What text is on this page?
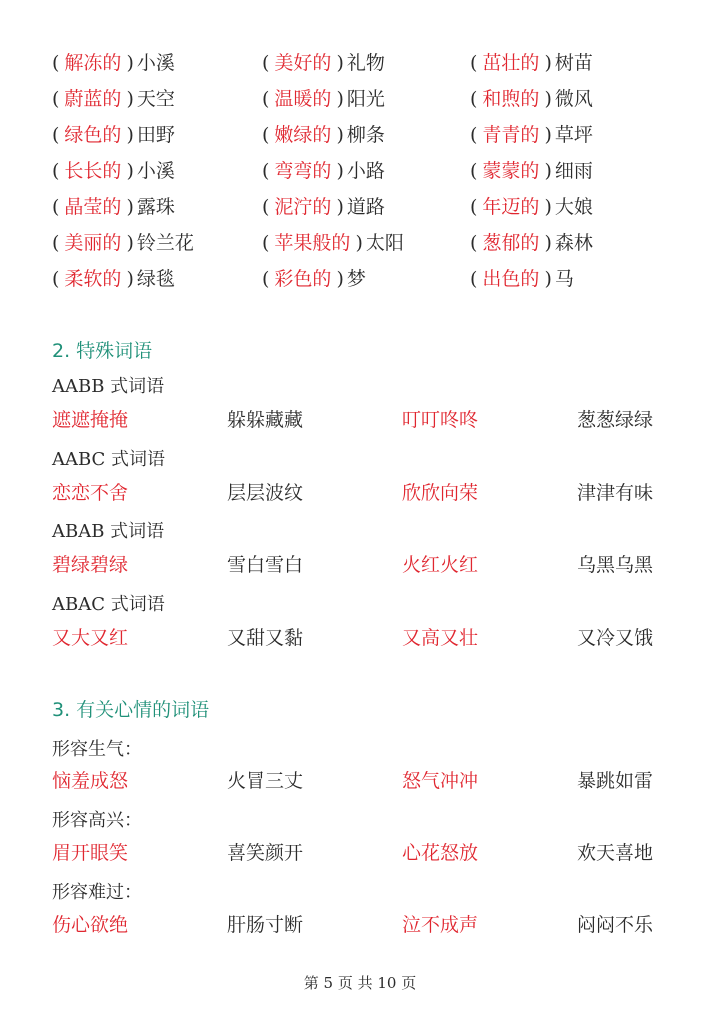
( 解冻的 ) 小溪	( 美好的 ) 礼物	( 茁壮的 ) 树苗
( 蔚蓝的 ) 天空	( 温暖的 ) 阳光	( 和煦的 ) 微风
( 绿色的 ) 田野	( 嫩绿的 ) 柳条	( 青青的 ) 草坪
( 长长的 ) 小溪	( 弯弯的 ) 小路	( 蒙蒙的 ) 细雨
( 晶莹的 ) 露珠	( 泥泞的 ) 道路	( 年迈的 ) 大娘
( 美丽的 ) 铃兰花	( 苹果般的 ) 太阳	( 葱郁的 ) 森林
( 柔软的 ) 绿毯	( 彩色的 ) 梦	( 出色的 ) 马
2. 特殊词语
AABB 式词语
遮遮掩掩	躲躲藏藏	叮叮咚咚	葱葱绿绿
AABC 式词语
恋恋不舍	层层波纹	欣欣向荣	津津有味
ABAB 式词语
碧绿碧绿	雪白雪白	火红火红	乌黑乌黑
ABAC 式词语
又大又红	又甜又黏	又高又壮	又冷又饿
3. 有关心情的词语
形容生气：
恼羞成怒	火冒三丈	怒气冲冲	暴跳如雷
形容高兴：
眉开眼笑	喜笑颜开	心花怒放	欢天喜地
形容难过：
伤心欲绝	肝肠寸断	泣不成声	闷闷不乐
第 5 页 共 10 页
